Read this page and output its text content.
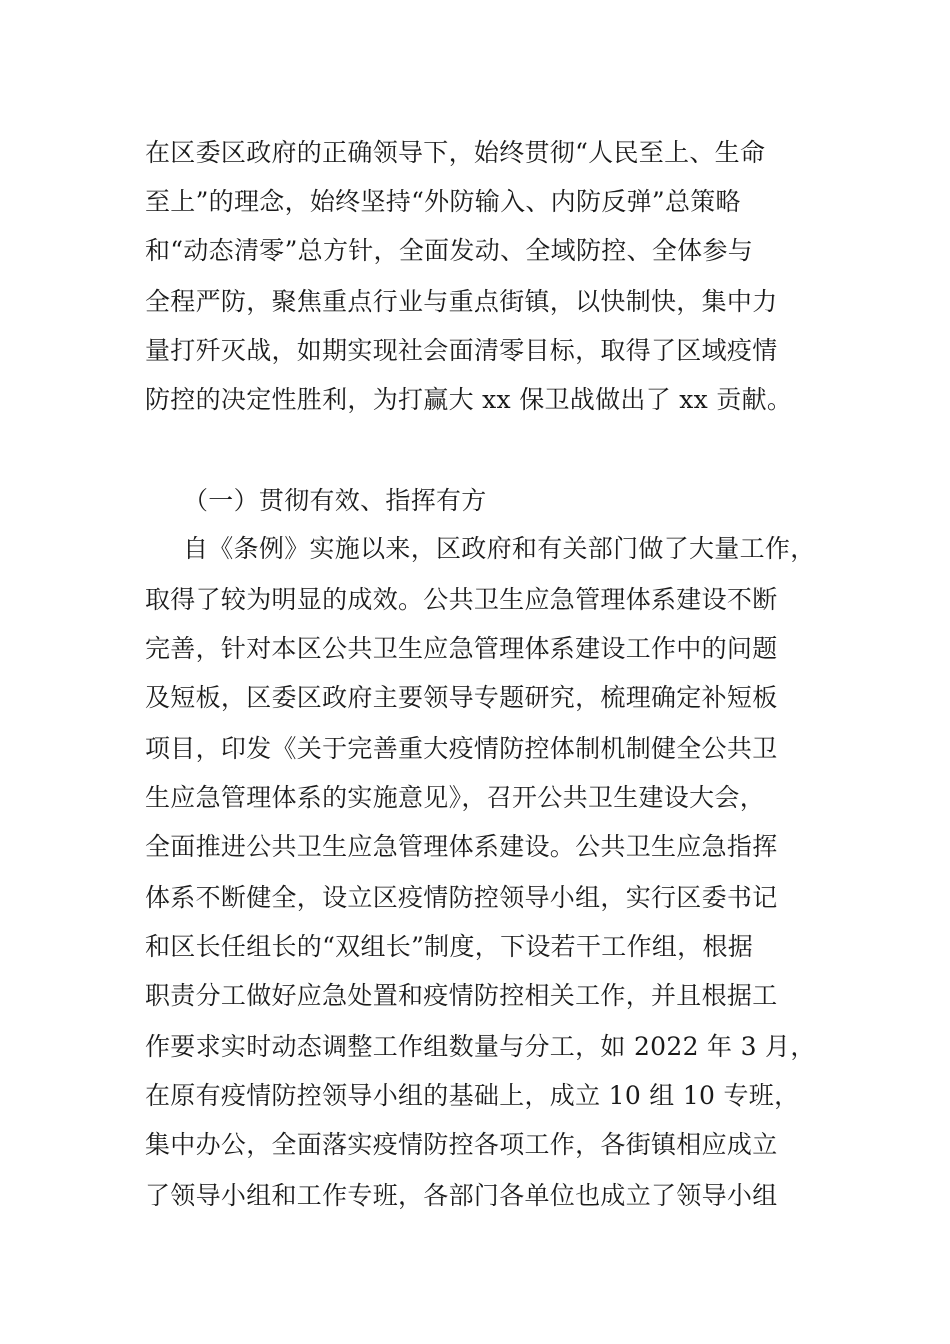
在区委区政府的正确领导下，始终贯彻“人民至上、生命
至上”的理念，始终坚持“外防输入、内防反弹”总策略
和“动态清零”总方针，全面发动、全域防控、全体参与
全程严防，聚焦重点行业与重点街镇，以快制快，集中力
量打歼灭战，如期实现社会面清零目标，取得了区域疫情
防控的决定性胜利，为打赢大 xx 保卫战做出了 xx 贡献。
（一）贯彻有效、指挥有方
自《条例》实施以来，区政府和有关部门做了大量工作，
取得了较为明显的成效。公共卫生应急管理体系建设不断
完善，针对本区公共卫生应急管理体系建设工作中的问题
及短板，区委区政府主要领导专题研究，梳理确定补短板
项目，印发《关于完善重大疫情防控体制机制健全公共卫
生应急管理体系的实施意见》，召开公共卫生建设大会，
全面推进公共卫生应急管理体系建设。公共卫生应急指挥
体系不断健全，设立区疫情防控领导小组，实行区委书记
和区长任组长的“双组长”制度，下设若干工作组，根据
职责分工做好应急处置和疫情防控相关工作，并且根据工
作要求实时动态调整工作组数量与分工，如 2022 年 3 月，
在原有疫情防控领导小组的基础上，成立 10 组 10 专班，
集中办公，全面落实疫情防控各项工作，各街镇相应成立
了领导小组和工作专班，各部门各单位也成立了领导小组
